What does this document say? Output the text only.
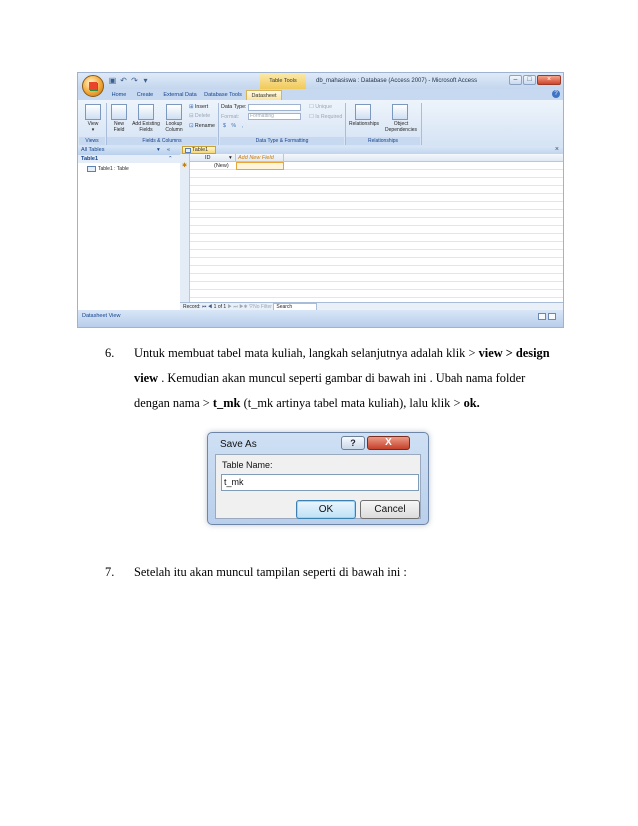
▣ ↶ ↷ ▾	Table Tools	db_mahasiswa : Database (Access 2007) - Microsoft Access	–	□	×
Home	Create	External Data	Database Tools	Datasheet	?
View
▾
Views
New
Field
Add Existing
Fields
Lookup
Column
⊞ Insert
⊟ Delete
⊡ Rename
Fields & Columns
Data Type:
Format:	Formatting
$ % ,
☐ Unique
☐ Is Required
Data Type & Formatting
Relationships	Object
Dependencies
Relationships
All Tables	▾ «
Table1	⌃
Table1 : Table
Table1	×
ID	▾	Add New Field
✱	(New)
Record: ⏮ ◀ 1 of 1 ▶ ⏭ ▶✱ ⛛No Filter Search
Datasheet View
6. Untuk membuat tabel mata kuliah, langkah selanjutnya adalah klik > view > design
view . Kemudian akan muncul seperti gambar di bawah ini . Ubah nama folder
dengan nama > t_mk (t_mk artinya tabel mata kuliah), lalu klik > ok.
Save As	?	X
Table Name:
t_mk
OK	Cancel
7. Setelah itu akan muncul tampilan seperti di bawah ini :
